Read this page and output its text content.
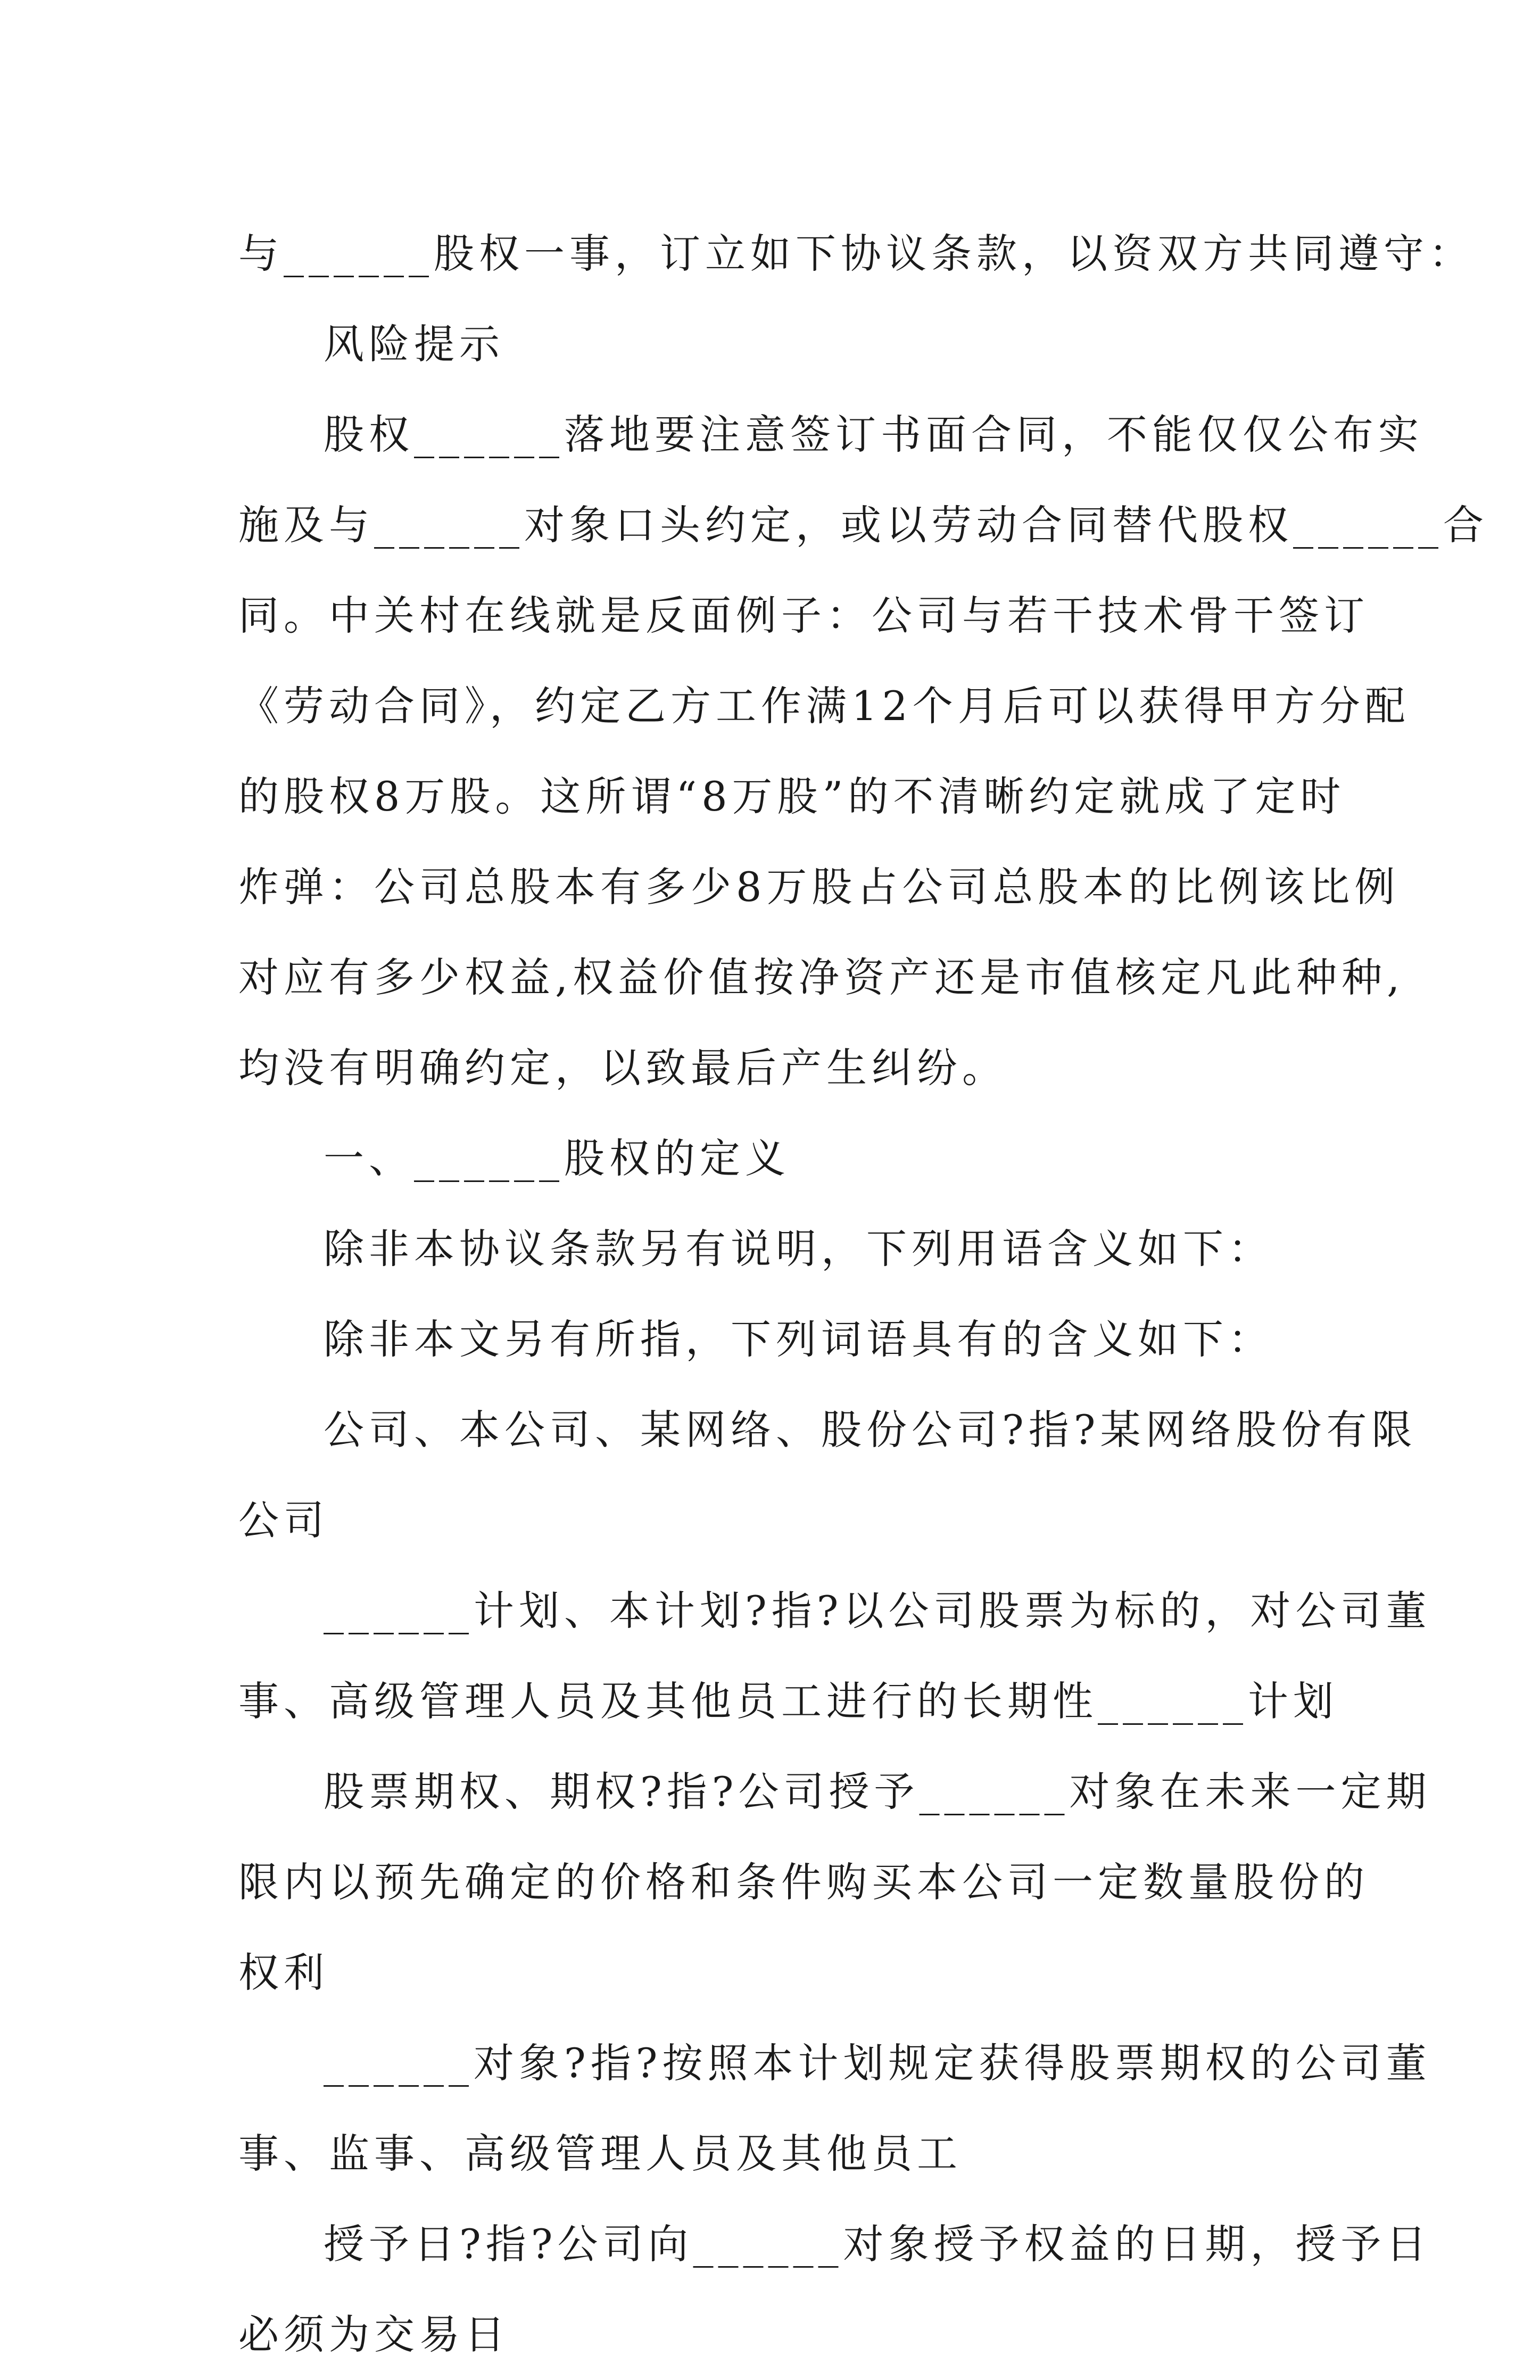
与______股权一事，订立如下协议条款，以资双方共同遵守：

风险提示

股权______落地要注意签订书面合同，不能仅仅公布实
施及与______对象口头约定，或以劳动合同替代股权______合
同。中关村在线就是反面例子：公司与若干技术骨干签订
《劳动合同》，约定乙方工作满12个月后可以获得甲方分配
的股权8万股。这所谓“8万股”的不清晰约定就成了定时
炸弹：公司总股本有多少8万股占公司总股本的比例该比例
对应有多少权益,权益价值按净资产还是市值核定凡此种种,
均没有明确约定，以致最后产生纠纷。

一、______股权的定义

除非本协议条款另有说明，下列用语含义如下：

除非本文另有所指，下列词语具有的含义如下：

公司、本公司、某网络、股份公司?指?某网络股份有限
公司

______计划、本计划?指?以公司股票为标的，对公司董
事、高级管理人员及其他员工进行的长期性______计划

股票期权、期权?指?公司授予______对象在未来一定期
限内以预先确定的价格和条件购买本公司一定数量股份的
权利

______对象?指?按照本计划规定获得股票期权的公司董
事、监事、高级管理人员及其他员工

授予日?指?公司向______对象授予权益的日期，授予日
必须为交易日
